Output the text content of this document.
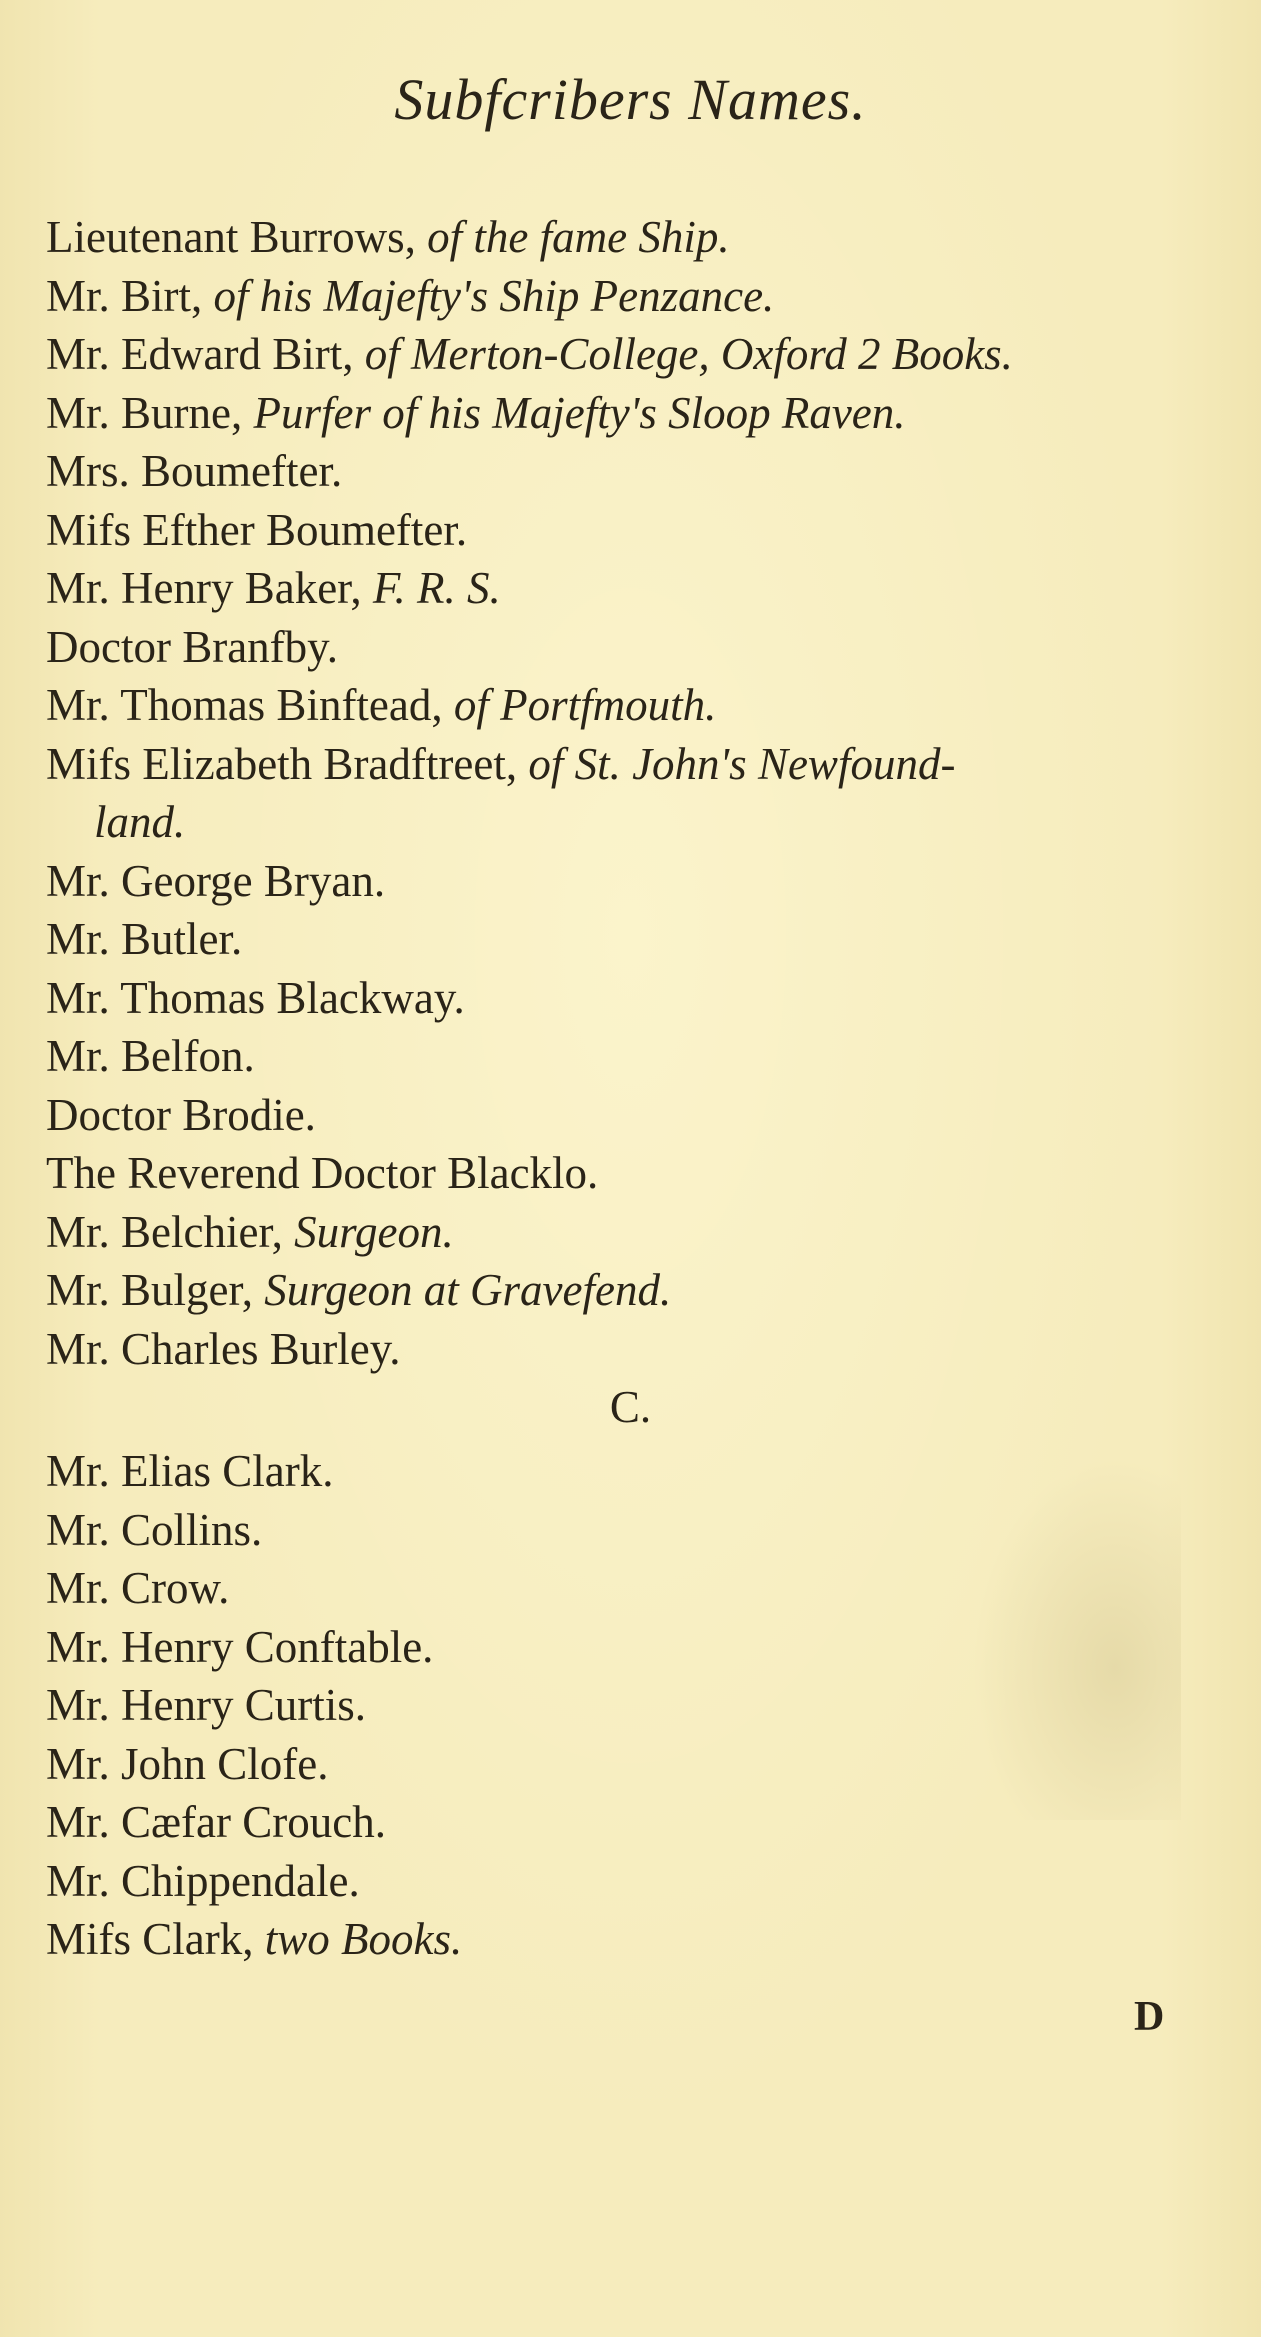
Subfcribers Names.
Lieutenant Burrows, of the fame Ship.
Mr. Birt, of his Majefty's Ship Penzance.
Mr. Edward Birt, of Merton-College, Oxford 2 Books.
Mr. Burne, Purfer of his Majefty's Sloop Raven.
Mrs. Boumefter.
Mifs Efther Boumefter.
Mr. Henry Baker, F. R. S.
Doctor Branfby.
Mr. Thomas Binftead, of Portfmouth.
Mifs Elizabeth Bradftreet, of St. John's Newfound-
land.
Mr. George Bryan.
Mr. Butler.
Mr. Thomas Blackway.
Mr. Belfon.
Doctor Brodie.
The Reverend Doctor Blacklo.
Mr. Belchier, Surgeon.
Mr. Bulger, Surgeon at Gravefend.
Mr. Charles Burley.
C.
Mr. Elias Clark.
Mr. Collins.
Mr. Crow.
Mr. Henry Conftable.
Mr. Henry Curtis.
Mr. John Clofe.
Mr. Cæfar Crouch.
Mr. Chippendale.
Mifs Clark, two Books.
D
